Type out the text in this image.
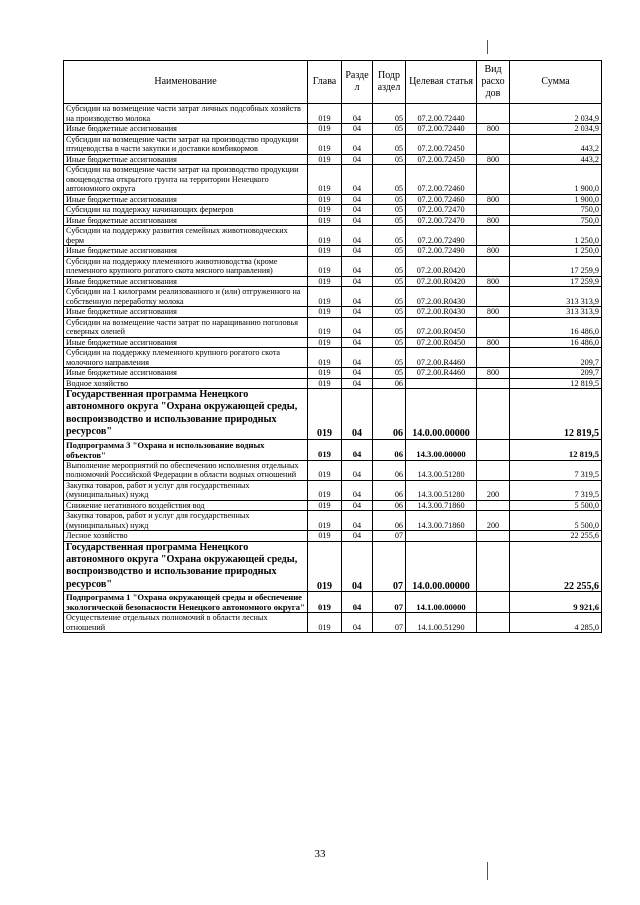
Наименование	Глава	Разде л	Подр аздел	Целевая статья	Вид расхо дов	Сумма
Субсидии на возмещение части затрат личных подсобных хозяйств на производство молока	019	04	05	07.2.00.72440		2 034,9
Иные бюджетные ассигнования	019	04	05	07.2.00.72440	800	2 034,9
Субсидии на возмещение части затрат на производство продукции птицеводства в части закупки и доставки комбикормов	019	04	05	07.2.00.72450		443,2
Иные бюджетные ассигнования	019	04	05	07.2.00.72450	800	443,2
Субсидии на возмещение части затрат на производство продукции овощеводства открытого грунта на территории Ненецкого автономного округа	019	04	05	07.2.00.72460		1 900,0
Иные бюджетные ассигнования	019	04	05	07.2.00.72460	800	1 900,0
Субсидии на поддержку начинающих фермеров	019	04	05	07.2.00.72470		750,0
Иные бюджетные ассигнования	019	04	05	07.2.00.72470	800	750,0
Субсидии на поддержку развития семейных животноводческих ферм	019	04	05	07.2.00.72490		1 250,0
Иные бюджетные ассигнования	019	04	05	07.2.00.72490	800	1 250,0
Субсидии на поддержку племенного животноводства (кроме племенного крупного рогатого скота мясного направления)	019	04	05	07.2.00.R0420		17 259,9
Иные бюджетные ассигнования	019	04	05	07.2.00.R0420	800	17 259,9
Субсидии на 1 килограмм реализованного и (или) отгруженного на собственную переработку молока	019	04	05	07.2.00.R0430		313 313,9
Иные бюджетные ассигнования	019	04	05	07.2.00.R0430	800	313 313,9
Субсидии на возмещение части затрат по наращиванию поголовья северных оленей	019	04	05	07.2.00.R0450		16 486,0
Иные бюджетные ассигнования	019	04	05	07.2.00.R0450	800	16 486,0
Субсидии на поддержку племенного крупного рогатого скота молочного направления	019	04	05	07.2.00.R4460		209,7
Иные бюджетные ассигнования	019	04	05	07.2.00.R4460	800	209,7
Водное хозяйство	019	04	06			12 819,5
Государственная программа Ненецкого автономного округа "Охрана окружающей среды, воспроизводство и использование природных ресурсов"	019	04	06	14.0.00.00000		12 819,5
Подпрограмма 3 "Охрана и использование водных объектов"	019	04	06	14.3.00.00000		12 819,5
Выполнение мероприятий по обеспечению исполнения отдельных полномочий Российской Федерации в области водных отношений	019	04	06	14.3.00.51280		7 319,5
Закупка товаров, работ и услуг для государственных (муниципальных) нужд	019	04	06	14.3.00.51280	200	7 319,5
Снижение негативного воздействия вод	019	04	06	14.3.00.71860		5 500,0
Закупка товаров, работ и услуг для государственных (муниципальных) нужд	019	04	06	14.3.00.71860	200	5 500,0
Лесное хозяйство	019	04	07			22 255,6
Государственная программа Ненецкого автономного округа "Охрана окружающей среды, воспроизводство и использование природных ресурсов"	019	04	07	14.0.00.00000		22 255,6
Подпрограмма 1 "Охрана окружающей среды и обеспечение экологической безопасности Ненецкого автономного округа"	019	04	07	14.1.00.00000		9 921,6
Осуществление отдельных полномочий в области лесных отношений	019	04	07	14.1.00.51290		4 285,0
33
